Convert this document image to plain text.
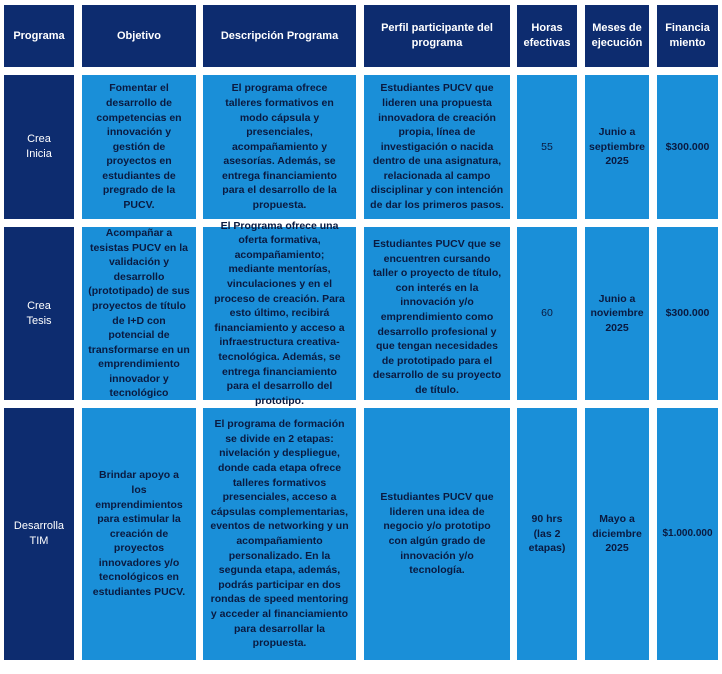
Programa	Objetivo	Descripción Programa
Perfil participante del programa
Horas efectivas
Meses de ejecución
Financia miento
Crea Inicia
Fomentar el desarrollo de competencias en innovación y gestión de proyectos en estudiantes de pregrado de la PUCV.
El programa ofrece talleres formativos en modo cápsula y presenciales, acompañamiento y asesorías. Además, se entrega financiamiento para el desarrollo de la propuesta.
Estudiantes PUCV que lideren una propuesta innovadora de creación propia, línea de investigación o nacida dentro de una asignatura, relacionada al campo disciplinar y con intención de dar los primeros pasos.
55
Junio a septiembre 2025
$300.000
Crea Tesis
Acompañar a tesistas PUCV en la validación y desarrollo (prototipado) de sus proyectos de título de I+D con potencial de transformarse en un emprendimiento innovador y tecnológico
El Programa ofrece una oferta formativa, acompañamiento; mediante mentorías, vinculaciones y en el proceso de creación. Para esto último, recibirá financiamiento y acceso a infraestructura creativa-tecnológica. Además, se entrega financiamiento para el desarrollo del prototipo.
Estudiantes PUCV que se encuentren cursando taller o proyecto de título, con interés en la innovación y/o emprendimiento como desarrollo profesional y que tengan necesidades de prototipado para el desarrollo de su proyecto de título.
60
Junio a noviembre 2025
$300.000
Desarrolla TIM
Brindar apoyo a los emprendimientos para estimular la creación de proyectos innovadores y/o tecnológicos en estudiantes PUCV.
El programa de formación se divide en 2 etapas: nivelación y despliegue, donde cada etapa ofrece talleres formativos presenciales, acceso a cápsulas complementarias, eventos de networking y un acompañamiento personalizado. En la segunda etapa, además, podrás participar en dos rondas de speed mentoring y acceder al financiamiento para desarrollar la propuesta.
Estudiantes PUCV que lideren una idea de negocio y/o prototipo con algún grado de innovación y/o tecnología.
90 hrs (las 2 etapas)
Mayo a diciembre 2025
$1.000.000
